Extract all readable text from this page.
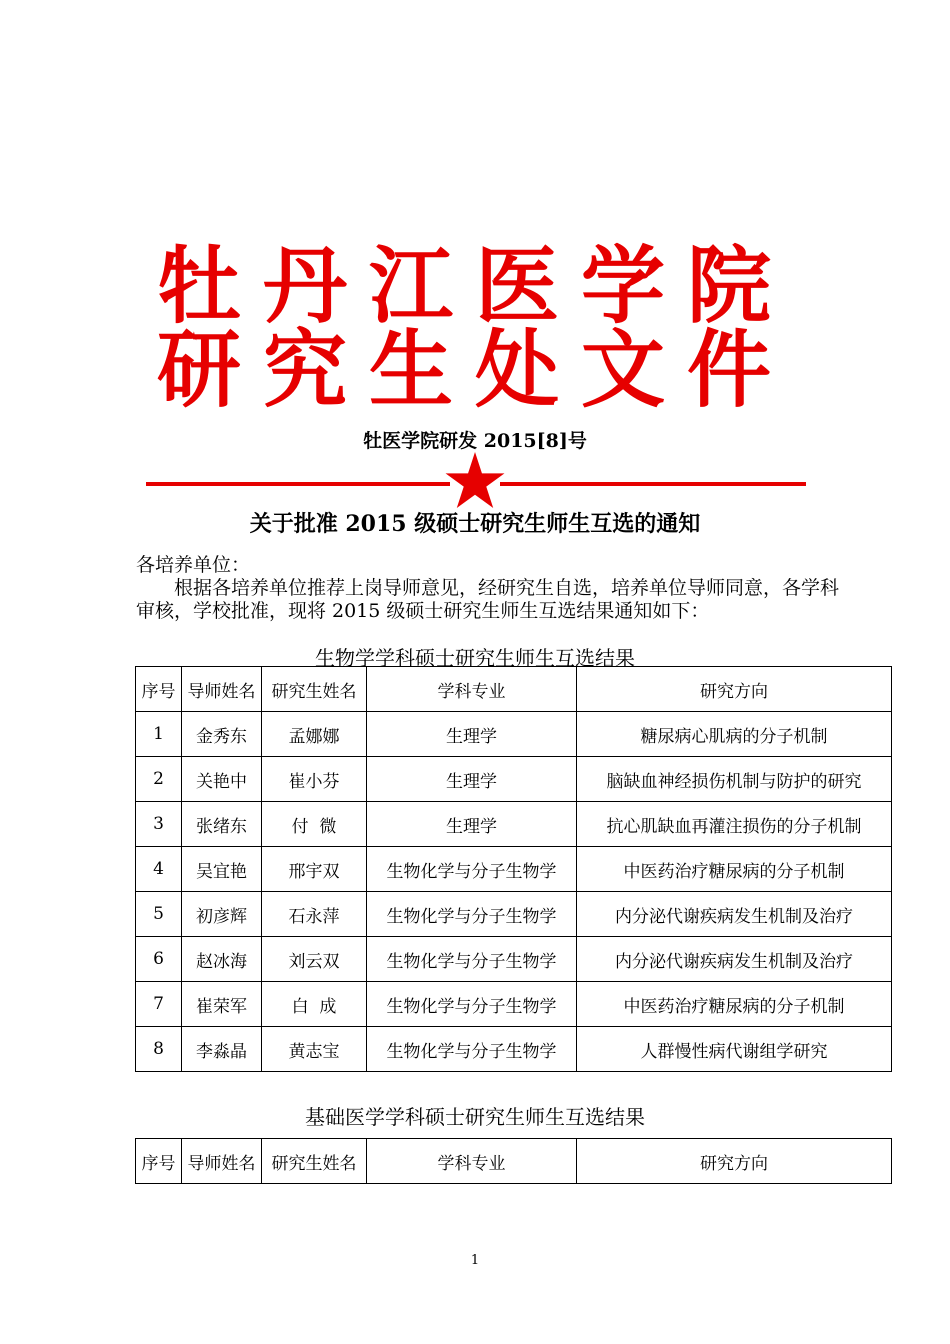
牡丹江医学院
研究生处文件
牡医学院研发 2015[8]号
关于批准 2015 级硕士研究生师生互选的通知
各培养单位：
根据各培养单位推荐上岗导师意见，经研究生自选，培养单位导师同意，各学科审核，学校批准，现将 2015 级硕士研究生师生互选结果通知如下：
生物学学科硕士研究生师生互选结果
序号	导师姓名	研究生姓名	学科专业	研究方向
1	金秀东	孟娜娜	生理学	糖尿病心肌病的分子机制
2	关艳中	崔小芬	生理学	脑缺血神经损伤机制与防护的研究
3	张绪东	付  微	生理学	抗心肌缺血再灌注损伤的分子机制
4	吴宜艳	邢宇双	生物化学与分子生物学	中医药治疗糖尿病的分子机制
5	初彦辉	石永萍	生物化学与分子生物学	内分泌代谢疾病发生机制及治疗
6	赵冰海	刘云双	生物化学与分子生物学	内分泌代谢疾病发生机制及治疗
7	崔荣军	白  成	生物化学与分子生物学	中医药治疗糖尿病的分子机制
8	李淼晶	黄志宝	生物化学与分子生物学	人群慢性病代谢组学研究
基础医学学科硕士研究生师生互选结果
序号	导师姓名	研究生姓名	学科专业	研究方向
1
